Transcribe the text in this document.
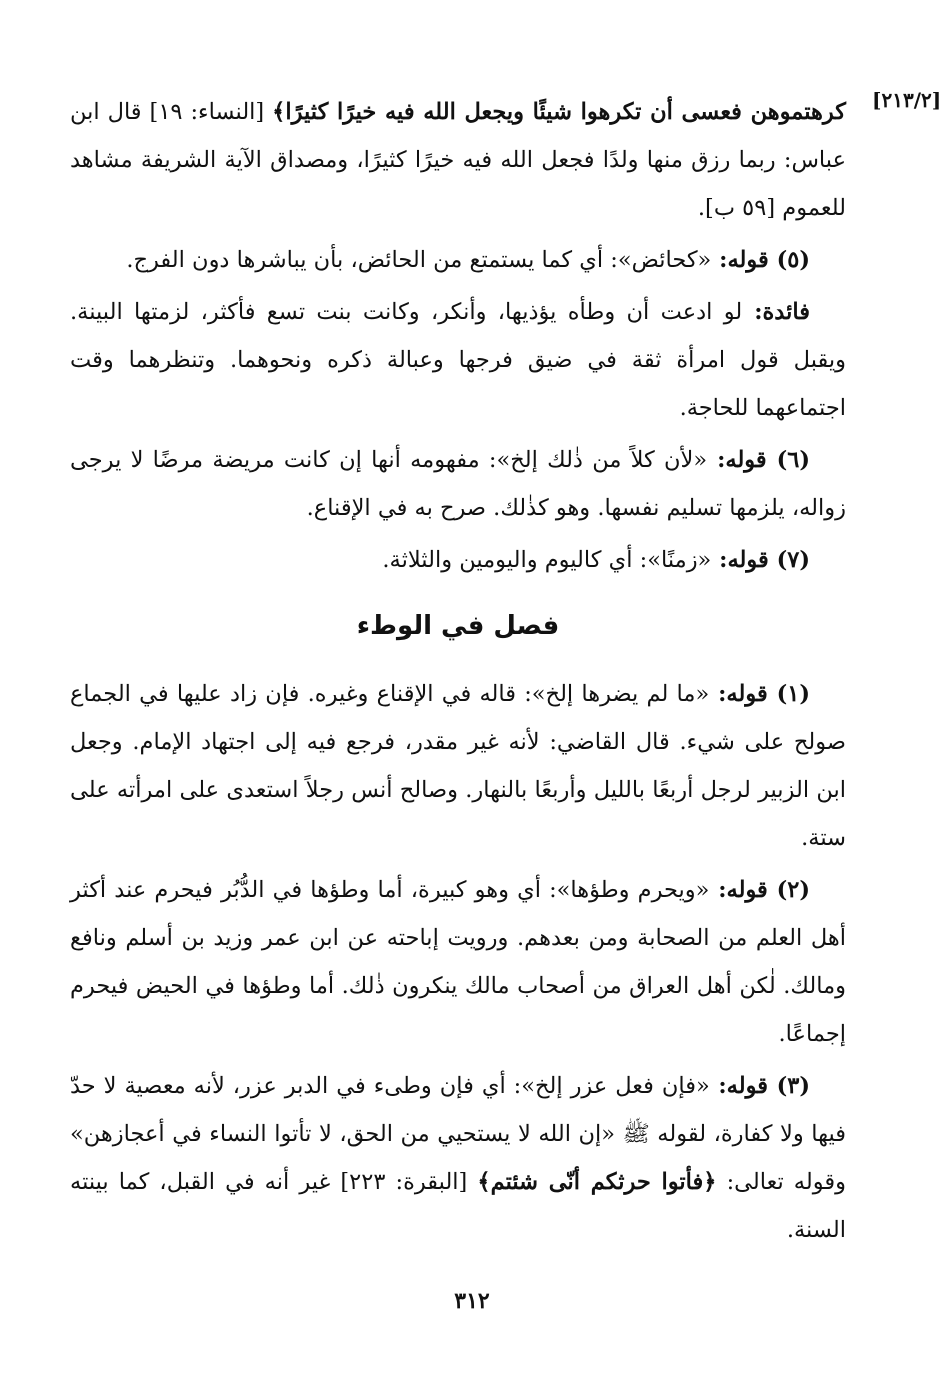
[٢١٣/٢]
كرهتموهن فعسى أن تكرهوا شيئًا ويجعل الله فيه خيرًا كثيرًا﴾ [النساء: ١٩] قال ابن عباس: ربما رزق منها ولدًا فجعل الله فيه خيرًا كثيرًا، ومصداق الآية الشريفة مشاهد للعموم [٥٩ ب].
(٥) قوله: «كحائض»: أي كما يستمتع من الحائض، بأن يباشرها دون الفرج.
فائدة: لو ادعت أن وطأه يؤذيها، وأنكر، وكانت بنت تسع فأكثر، لزمتها البينة. ويقبل قول امرأة ثقة في ضيق فرجها وعبالة ذكره ونحوهما. وتنظرهما وقت اجتماعهما للحاجة.
(٦) قوله: «لأن كلاً من ذٰلك إلخ»: مفهومه أنها إن كانت مريضة مرضًا لا يرجى زواله، يلزمها تسليم نفسها. وهو كذٰلك. صرح به في الإقناع.
(٧) قوله: «زمنًا»: أي كاليوم واليومين والثلاثة.
فصل في الوطء
(١) قوله: «ما لم يضرها إلخ»: قاله في الإقناع وغيره. فإن زاد عليها في الجماع صولح على شيء. قال القاضي: لأنه غير مقدر، فرجع فيه إلى اجتهاد الإمام. وجعل ابن الزبير لرجل أربعًا بالليل وأربعًا بالنهار. وصالح أنس رجلاً استعدى على امرأته على ستة.
(٢) قوله: «ويحرم وطؤها»: أي وهو كبيرة، أما وطؤها في الدُّبُر فيحرم عند أكثر أهل العلم من الصحابة ومن بعدهم. ورويت إباحته عن ابن عمر وزيد بن أسلم ونافع ومالك. لٰكن أهل العراق من أصحاب مالك ينكرون ذٰلك. أما وطؤها في الحيض فيحرم إجماعًا.
(٣) قوله: «فإن فعل عزر إلخ»: أي فإن وطىء في الدبر عزر، لأنه معصية لا حدّ فيها ولا كفارة، لقوله ﷺ «إن الله لا يستحيي من الحق، لا تأتوا النساء في أعجازهن» وقوله تعالى: ﴿فأتوا حرثكم أنّى شئتم﴾ [البقرة: ٢٢٣] غير أنه في القبل، كما بينته السنة.
٣١٢
